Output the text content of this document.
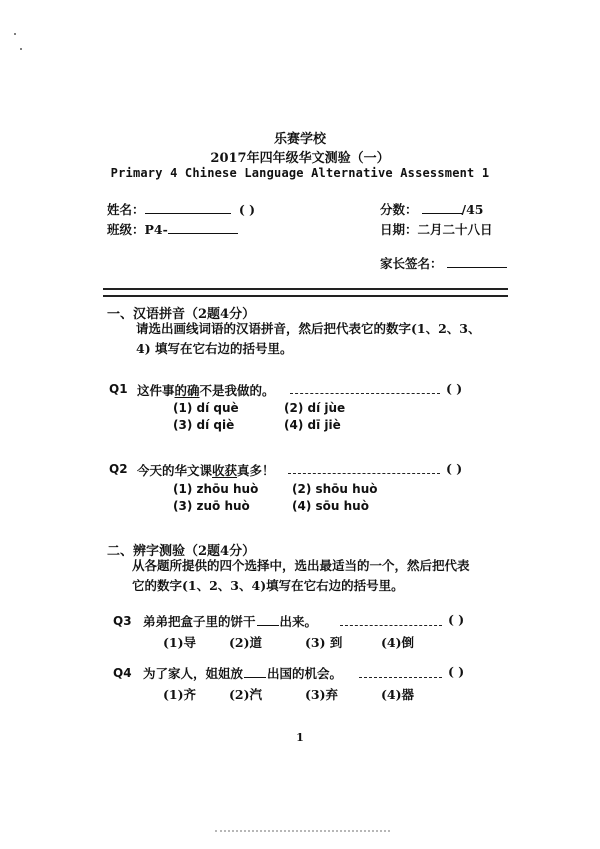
乐赛学校
2017年四年级华文测验（一）
Primary 4 Chinese Language Alternative Assessment 1
姓名：	( )	分数：	/45
班级：P4-	日期：二月二十八日
家长签名：
一、汉语拼音（2题4分）
请选出画线词语的汉语拼音，然后把代表它的数字(1、2、3、
4) 填写在它右边的括号里。
Q1 这件事的确不是我做的。	( )
(1) dí què	(2) dí jùe
(3) dí qiè	(4) dī jiè
Q2 今天的华文课收获真多！	( )
(1) zhōu huò	(2) shōu huò
(3) zuō huò	(4) sōu huò
二、辨字测验（2题4分）
从各题所提供的四个选择中，选出最适当的一个，然后把代表
它的数字(1、2、3、4)填写在它右边的括号里。
Q3 弟弟把盒子里的饼干 出来。	( )
(1)导	(2)道	(3) 到	(4)倒
Q4 为了家人，姐姐放 出国的机会。	( )
(1)齐	(2)汽	(3)弃	(4)器
1
